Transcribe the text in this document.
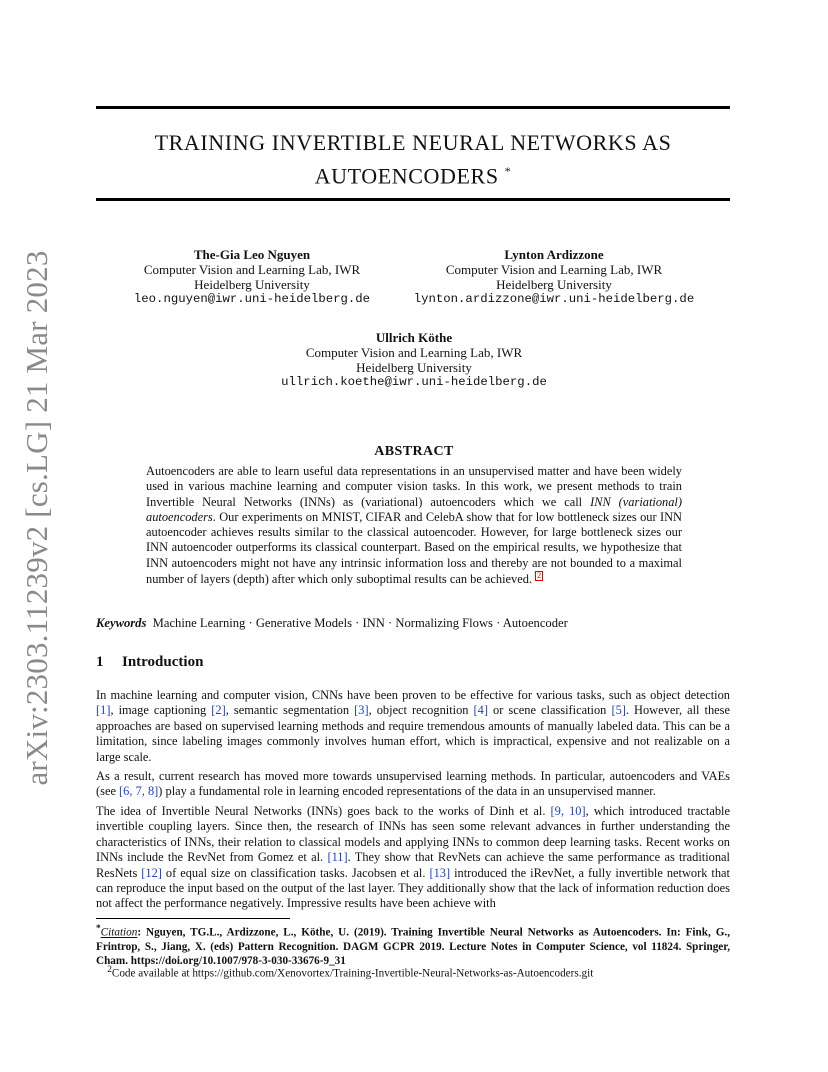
arXiv:2303.11239v2 [cs.LG] 21 Mar 2023
TRAINING INVERTIBLE NEURAL NETWORKS AS
AUTOENCODERS *
The-Gia Leo Nguyen
Computer Vision and Learning Lab, IWR
Heidelberg University
leo.nguyen@iwr.uni-heidelberg.de
Lynton Ardizzone
Computer Vision and Learning Lab, IWR
Heidelberg University
lynton.ardizzone@iwr.uni-heidelberg.de
Ullrich Köthe
Computer Vision and Learning Lab, IWR
Heidelberg University
ullrich.koethe@iwr.uni-heidelberg.de
ABSTRACT
Autoencoders are able to learn useful data representations in an unsupervised matter and have been widely used in various machine learning and computer vision tasks. In this work, we present methods to train Invertible Neural Networks (INNs) as (variational) autoencoders which we call INN (variational) autoencoders. Our experiments on MNIST, CIFAR and CelebA show that for low bottleneck sizes our INN autoencoder achieves results similar to the classical autoencoder. However, for large bottleneck sizes our INN autoencoder outperforms its classical counterpart. Based on the empirical results, we hypothesize that INN autoencoders might not have any intrinsic information loss and thereby are not bounded to a maximal number of layers (depth) after which only suboptimal results can be achieved. 2
Keywords Machine Learning · Generative Models · INN · Normalizing Flows · Autoencoder
1 Introduction
In machine learning and computer vision, CNNs have been proven to be effective for various tasks, such as object detection [1], image captioning [2], semantic segmentation [3], object recognition [4] or scene classification [5]. However, all these approaches are based on supervised learning methods and require tremendous amounts of manually labeled data. This can be a limitation, since labeling images commonly involves human effort, which is impractical, expensive and not realizable on a large scale.
As a result, current research has moved more towards unsupervised learning methods. In particular, autoencoders and VAEs (see [6, 7, 8]) play a fundamental role in learning encoded representations of the data in an unsupervised manner.
The idea of Invertible Neural Networks (INNs) goes back to the works of Dinh et al. [9, 10], which introduced tractable invertible coupling layers. Since then, the research of INNs has seen some relevant advances in further understanding the characteristics of INNs, their relation to classical models and applying INNs to common deep learning tasks. Recent works on INNs include the RevNet from Gomez et al. [11]. They show that RevNets can achieve the same performance as traditional ResNets [12] of equal size on classification tasks. Jacobsen et al. [13] introduced the iRevNet, a fully invertible network that can reproduce the input based on the output of the last layer. They additionally show that the lack of information reduction does not affect the performance negatively. Impressive results have been achieve with
*Citation: Nguyen, TG.L., Ardizzone, L., Köthe, U. (2019). Training Invertible Neural Networks as Autoencoders. In: Fink, G., Frintrop, S., Jiang, X. (eds) Pattern Recognition. DAGM GCPR 2019. Lecture Notes in Computer Science, vol 11824. Springer, Cham. https://doi.org/10.1007/978-3-030-33676-9_31
$^2$Code available at https://github.com/Xenovortex/Training-Invertible-Neural-Networks-as-Autoencoders.git
